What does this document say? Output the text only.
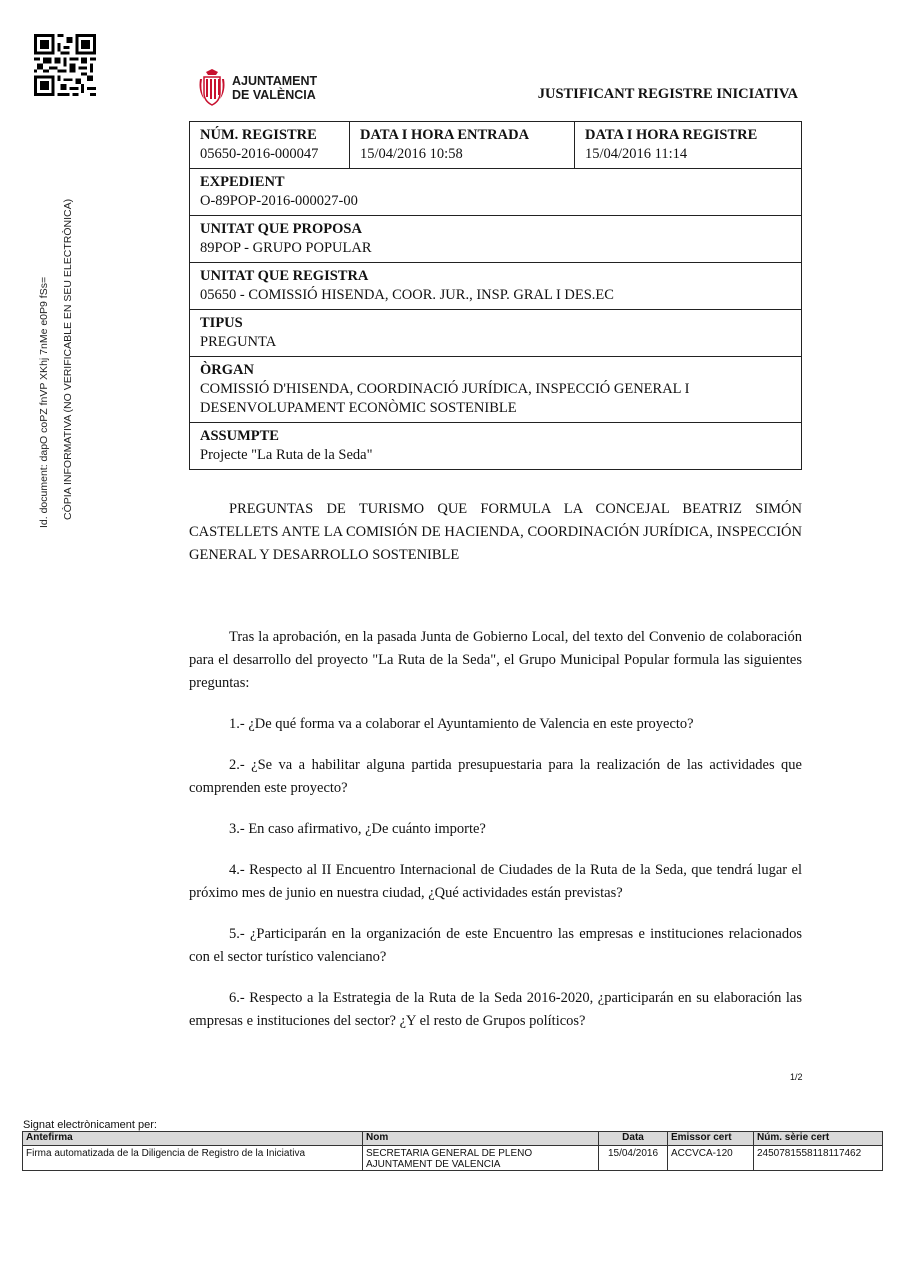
AJUNTAMENT
DE VALÈNCIA	JUSTIFICANT REGISTRE INICIATIVA
Id. document: dapO coPZ fnVP XKhj 7nMe e0P9 fSs= CÒPIA INFORMATIVA (NO VERIFICABLE EN SEU ELECTRÒNICA)
NÚM. REGISTRE
05650-2016-000047
DATA I HORA ENTRADA
15/04/2016 10:58
DATA I HORA REGISTRE
15/04/2016 11:14
EXPEDIENT
O-89POP-2016-000027-00
UNITAT QUE PROPOSA
89POP - GRUPO POPULAR
UNITAT QUE REGISTRA
05650 - COMISSIÓ HISENDA, COOR. JUR., INSP. GRAL I DES.EC
TIPUS
PREGUNTA
ÒRGAN
COMISSIÓ D'HISENDA, COORDINACIÓ JURÍDICA, INSPECCIÓ GENERAL I
DESENVOLUPAMENT ECONÒMIC SOSTENIBLE
ASSUMPTE
Projecte "La Ruta de la Seda"
PREGUNTAS DE TURISMO QUE FORMULA LA CONCEJAL BEATRIZ SIMÓN CASTELLETS ANTE LA COMISIÓN DE HACIENDA, COORDINACIÓN JURÍDICA, INSPECCIÓN GENERAL Y DESARROLLO SOSTENIBLE

Tras la aprobación, en la pasada Junta de Gobierno Local, del texto del Convenio de colaboración para el desarrollo del proyecto "La Ruta de la Seda", el Grupo Municipal Popular formula las siguientes preguntas:

1.- ¿De qué forma va a colaborar el Ayuntamiento de Valencia en este proyecto?

2.- ¿Se va a habilitar alguna partida presupuestaria para la realización de las actividades que comprenden este proyecto?

3.- En caso afirmativo, ¿De cuánto importe?

4.- Respecto al II Encuentro Internacional de Ciudades de la Ruta de la Seda, que tendrá lugar el próximo mes de junio en nuestra ciudad, ¿Qué actividades están previstas?

5.- ¿Participarán en la organización de este Encuentro las empresas e instituciones relacionados con el sector turístico valenciano?

6.- Respecto a la Estrategia de la Ruta de la Seda 2016-2020, ¿participarán en su elaboración las empresas e instituciones del sector? ¿Y el resto de Grupos políticos?

1/2
Signat electrònicament per:
Antefirma	Nom	Data	Emissor cert	Núm. sèrie cert
Firma automatizada de la Diligencia de Registro de la Iniciativa	SECRETARIA GENERAL DE PLENO
AJUNTAMENT DE VALENCIA	15/04/2016	ACCVCA-120	2450781558118117462
